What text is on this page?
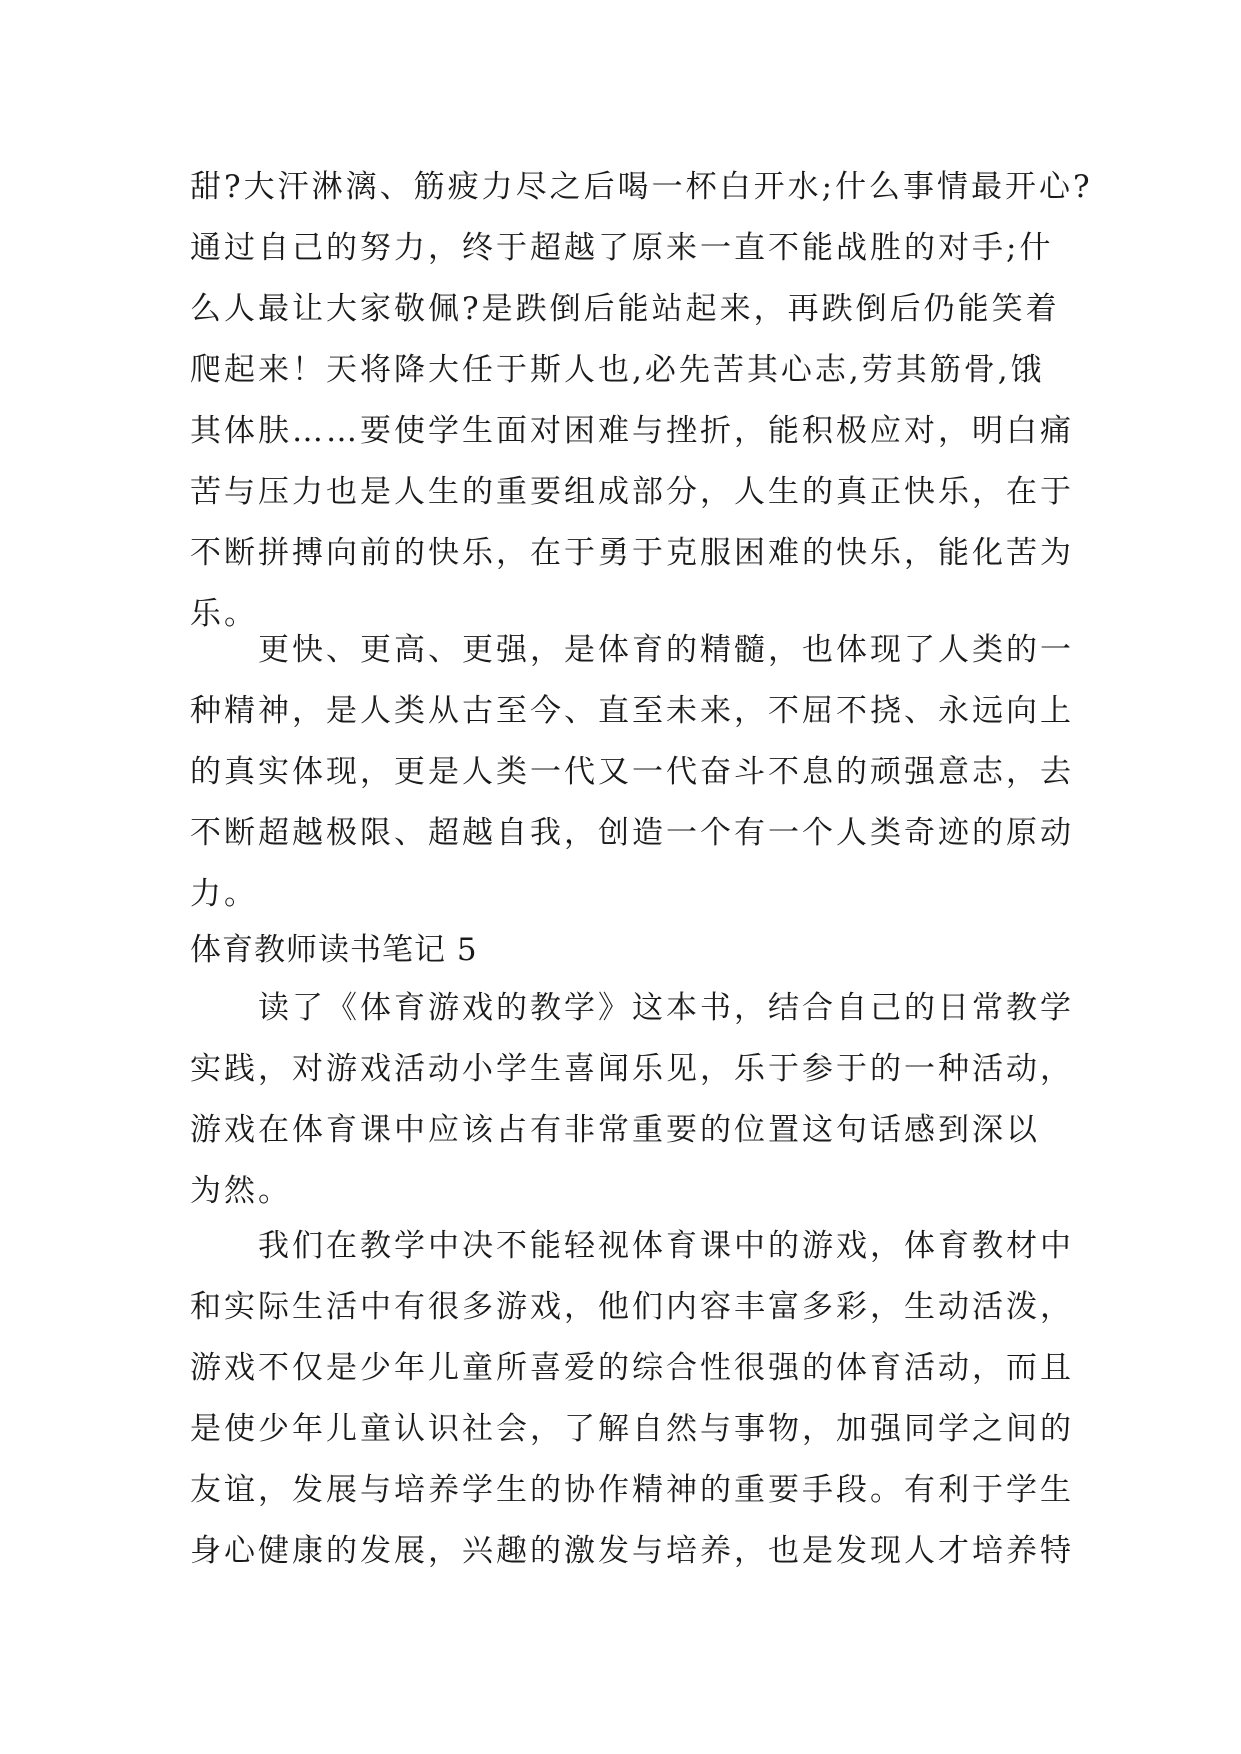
甜?大汗淋漓、筋疲力尽之后喝一杯白开水;什么事情最开心?
通过自己的努力，终于超越了原来一直不能战胜的对手;什
么人最让大家敬佩?是跌倒后能站起来，再跌倒后仍能笑着
爬起来！天将降大任于斯人也,必先苦其心志,劳其筋骨,饿
其体肤……要使学生面对困难与挫折，能积极应对，明白痛
苦与压力也是人生的重要组成部分，人生的真正快乐，在于
不断拼搏向前的快乐，在于勇于克服困难的快乐，能化苦为
乐。
　　更快、更高、更强，是体育的精髓，也体现了人类的一
种精神，是人类从古至今、直至未来，不屈不挠、永远向上
的真实体现，更是人类一代又一代奋斗不息的顽强意志，去
不断超越极限、超越自我，创造一个有一个人类奇迹的原动
力。
体育教师读书笔记 5
　　读了《体育游戏的教学》这本书，结合自己的日常教学
实践，对游戏活动小学生喜闻乐见，乐于参于的一种活动，
游戏在体育课中应该占有非常重要的位置这句话感到深以
为然。
　　我们在教学中决不能轻视体育课中的游戏，体育教材中
和实际生活中有很多游戏，他们内容丰富多彩，生动活泼，
游戏不仅是少年儿童所喜爱的综合性很强的体育活动，而且
是使少年儿童认识社会，了解自然与事物，加强同学之间的
友谊，发展与培养学生的协作精神的重要手段。有利于学生
身心健康的发展，兴趣的激发与培养，也是发现人才培养特
